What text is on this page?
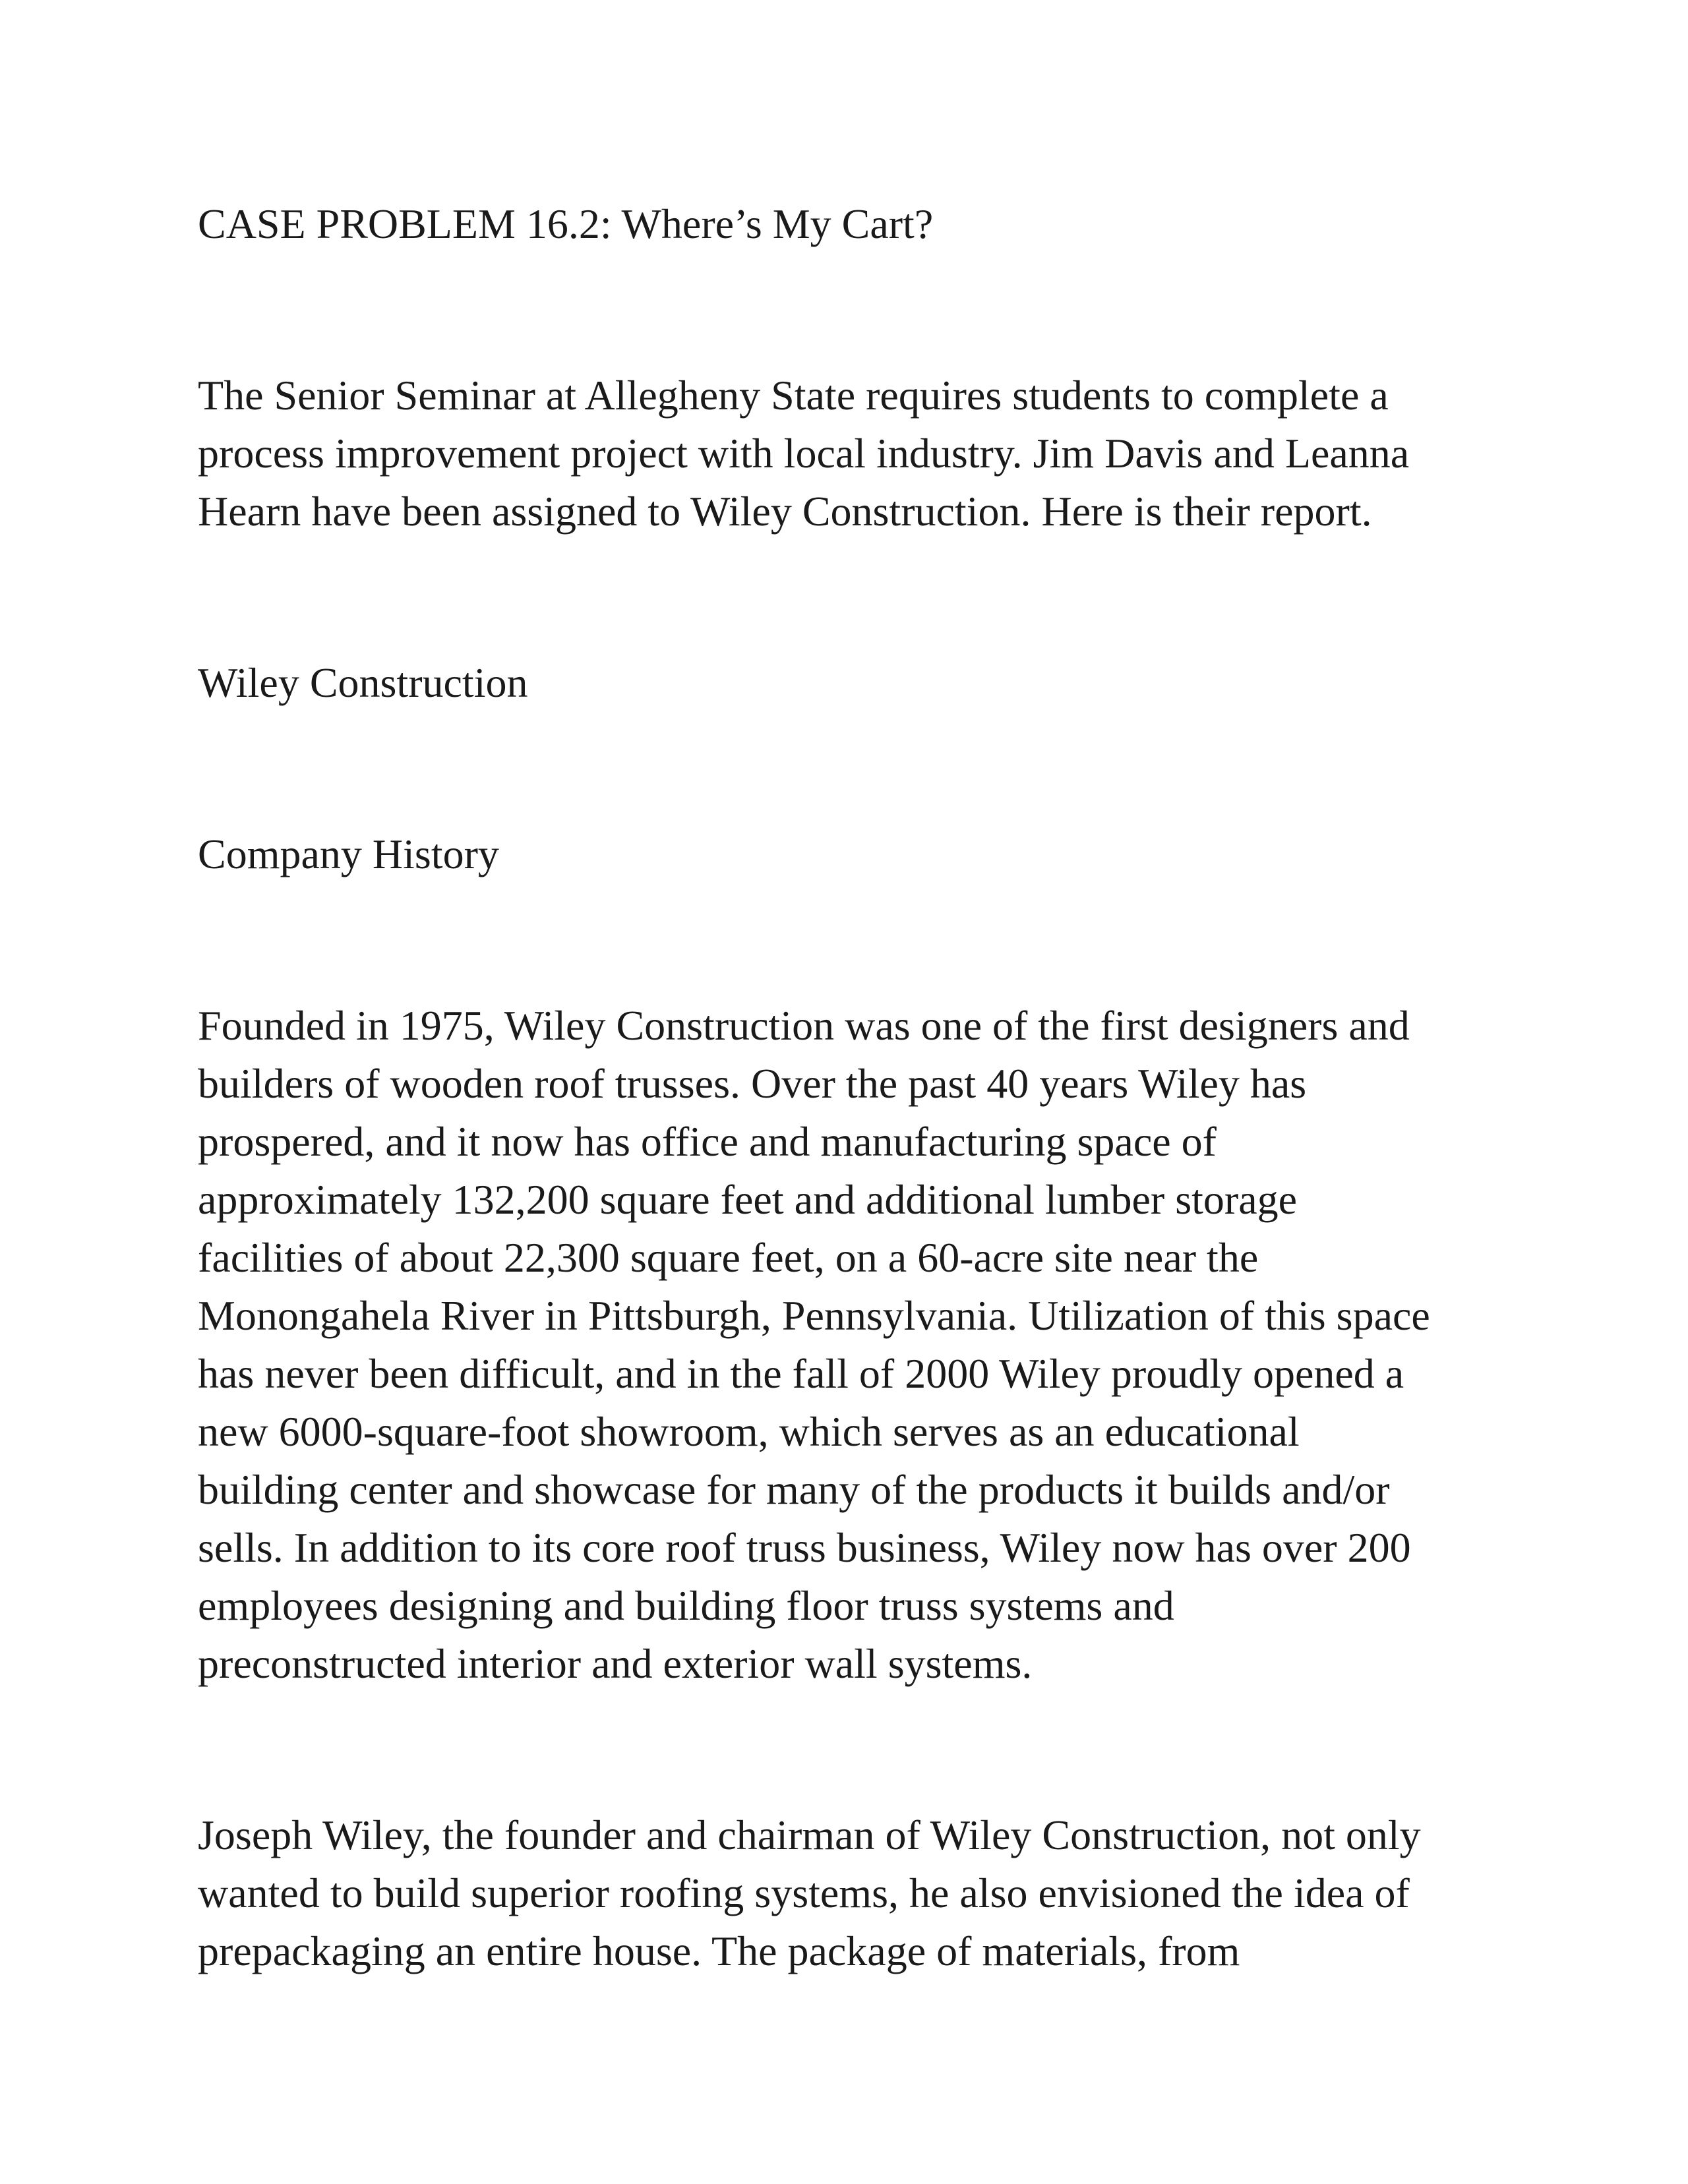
CASE PROBLEM 16.2: Where’s My Cart?

The Senior Seminar at Allegheny State requires students to complete a

process improvement project with local industry. Jim Davis and Leanna

Hearn have been assigned to Wiley Construction. Here is their report.

Wiley Construction

Company History

Founded in 1975, Wiley Construction was one of the first designers and

builders of wooden roof trusses. Over the past 40 years Wiley has

prospered, and it now has office and manufacturing space of

approximately 132,200 square feet and additional lumber storage

facilities of about 22,300 square feet, on a 60-acre site near the

Monongahela River in Pittsburgh, Pennsylvania. Utilization of this space

has never been difficult, and in the fall of 2000 Wiley proudly opened a

new 6000-square-foot showroom, which serves as an educational

building center and showcase for many of the products it builds and/or

sells. In addition to its core roof truss business, Wiley now has over 200

employees designing and building floor truss systems and

preconstructed interior and exterior wall systems.

Joseph Wiley, the founder and chairman of Wiley Construction, not only

wanted to build superior roofing systems, he also envisioned the idea of

prepackaging an entire house. The package of materials, from
